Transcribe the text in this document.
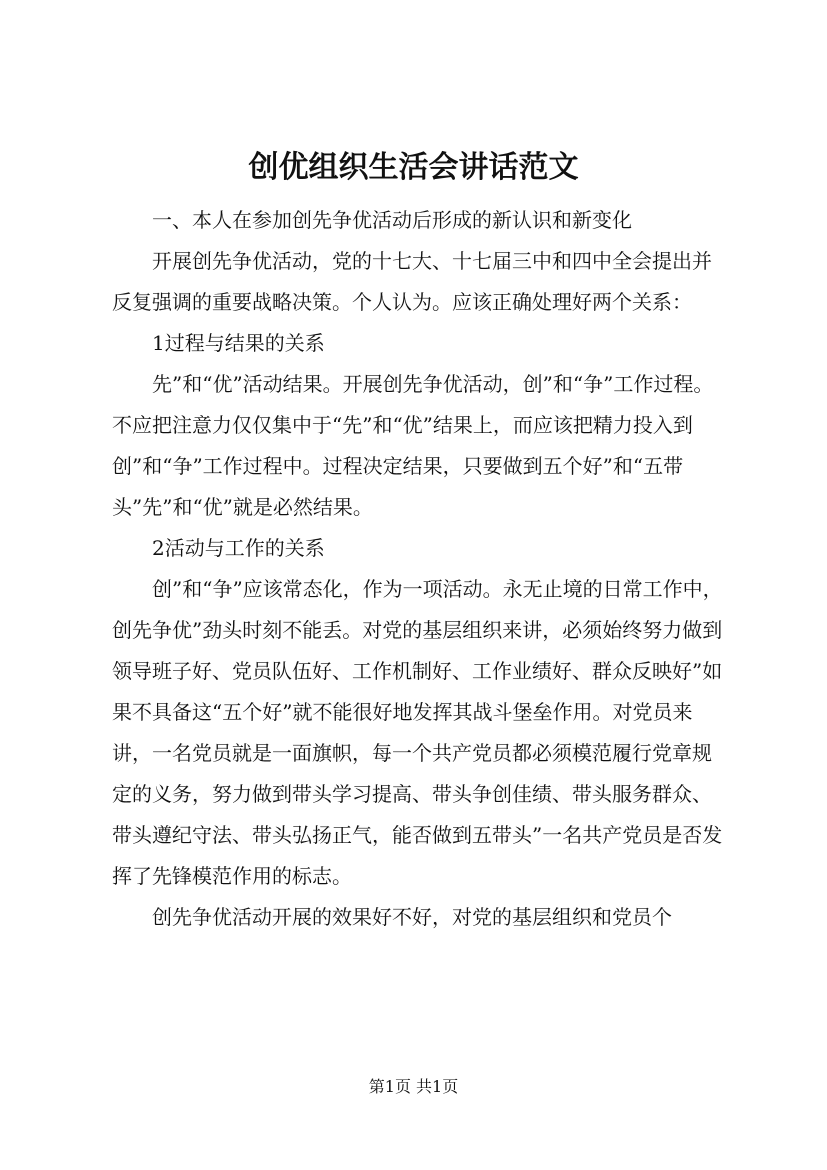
创优组织生活会讲话范文

一、本人在参加创先争优活动后形成的新认识和新变化

开展创先争优活动，党的十七大、十七届三中和四中全会提出并反复强调的重要战略决策。个人认为。应该正确处理好两个关系：

1过程与结果的关系

先”和“优”活动结果。开展创先争优活动，创”和“争”工作过程。不应把注意力仅仅集中于“先”和“优”结果上，而应该把精力投入到创”和“争”工作过程中。过程决定结果，只要做到五个好”和“五带头”先”和“优”就是必然结果。

2活动与工作的关系

创”和“争”应该常态化，作为一项活动。永无止境的日常工作中，创先争优”劲头时刻不能丢。对党的基层组织来讲，必须始终努力做到领导班子好、党员队伍好、工作机制好、工作业绩好、群众反映好”如果不具备这“五个好”就不能很好地发挥其战斗堡垒作用。对党员来讲，一名党员就是一面旗帜，每一个共产党员都必须模范履行党章规定的义务，努力做到带头学习提高、带头争创佳绩、带头服务群众、带头遵纪守法、带头弘扬正气，能否做到五带头”一名共产党员是否发挥了先锋模范作用的标志。

创先争优活动开展的效果好不好，对党的基层组织和党员个

第1页 共1页
